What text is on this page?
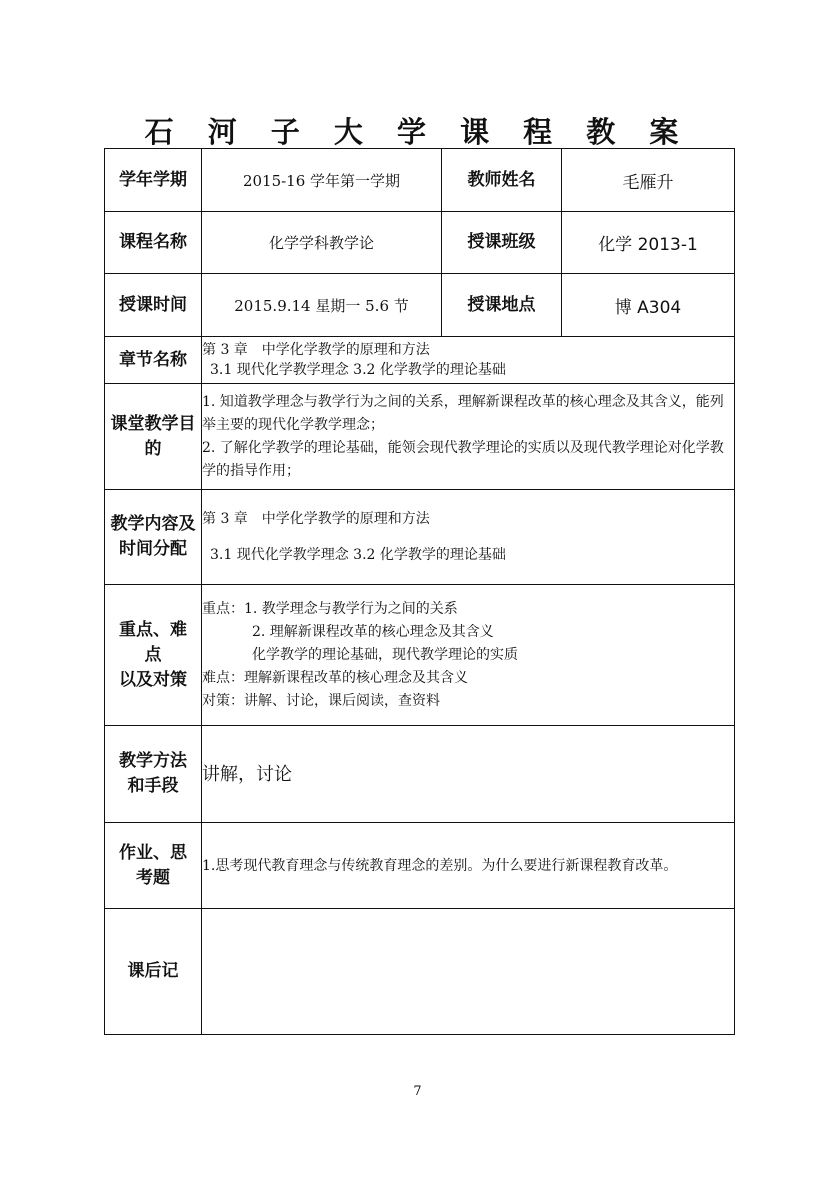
石 河 子 大 学 课 程 教 案
学年学期	2015-16 学年第一学期	教师姓名	毛雁升
课程名称	化学学科教学论	授课班级	化学 2013-1
授课时间	2015.9.14 星期一 5.6 节	授课地点	博 A304
章节名称	第 3 章　中学化学教学的原理和方法
3.1 现代化学教学理念 3.2 化学教学的理论基础		

课堂教学目的	1. 知道教学理念与教学行为之间的关系，理解新课程改革的核心理念及其含义，能列举主要的现代化学教学理念；
2. 了解化学教学的理论基础，能领会现代教学理论的实质以及现代教学理论对化学教学的指导作用；		

教学内容及时间分配	第 3 章　中学化学教学的原理和方法
3.1 现代化学教学理念 3.2 化学教学的理论基础		

重点、难
点
以及对策	重点：1. 教学理念与教学行为之间的关系
2. 理解新课程改革的核心理念及其含义
化学教学的理论基础，现代教学理论的实质
难点：理解新课程改革的核心理念及其含义
对策：讲解、讨论，课后阅读，查资料		

教学方法
和手段	讲解，讨论		

作业、思
考题	1.思考现代教育理念与传统教育理念的差别。为什么要进行新课程教育改革。		

课后记			
7
